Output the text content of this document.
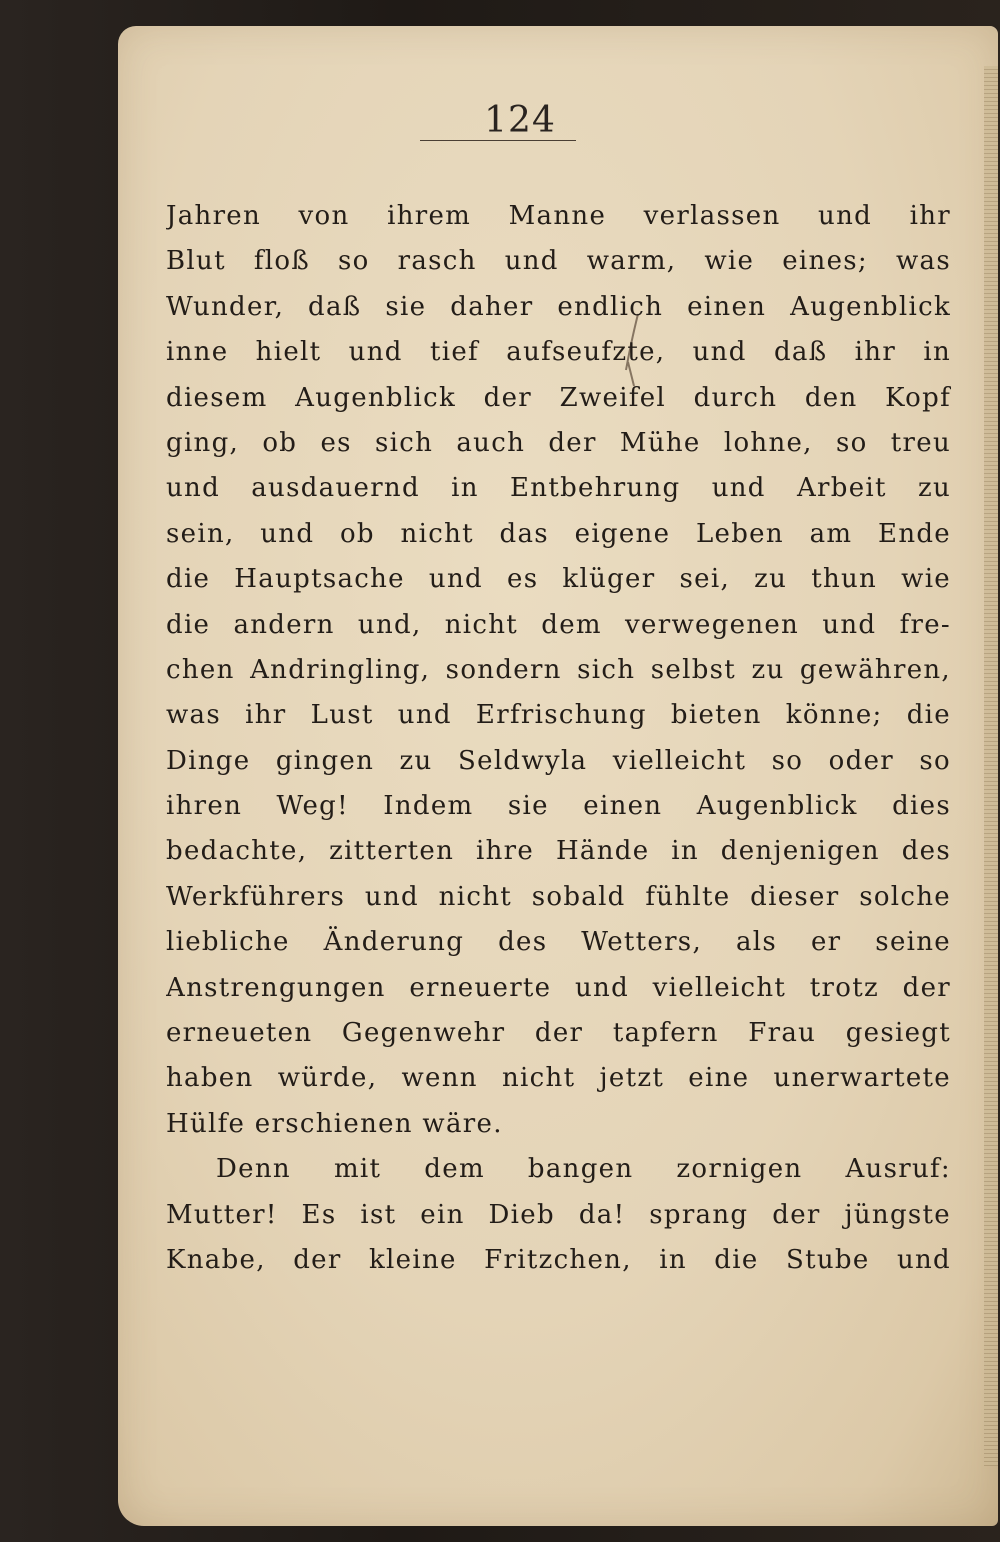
124
Jahren von ihrem Manne verlassen und ihr
Blut floß so rasch und warm, wie eines; was
Wunder, daß sie daher endlich einen Augenblick
inne hielt und tief aufseufzte, und daß ihr in
diesem Augenblick der Zweifel durch den Kopf
ging, ob es sich auch der Mühe lohne, so treu
und ausdauernd in Entbehrung und Arbeit zu
sein, und ob nicht das eigene Leben am Ende
die Hauptsache und es klüger sei, zu thun wie
die andern und, nicht dem verwegenen und fre-
chen Andringling, sondern sich selbst zu gewähren,
was ihr Lust und Erfrischung bieten könne; die
Dinge gingen zu Seldwyla vielleicht so oder so
ihren Weg! Indem sie einen Augenblick dies
bedachte, zitterten ihre Hände in denjenigen des
Werkführers und nicht sobald fühlte dieser solche
liebliche Änderung des Wetters, als er seine
Anstrengungen erneuerte und vielleicht trotz der
erneueten Gegenwehr der tapfern Frau gesiegt
haben würde, wenn nicht jetzt eine unerwartete
Hülfe erschienen wäre.
Denn mit dem bangen zornigen Ausruf:
Mutter! Es ist ein Dieb da! sprang der jüngste
Knabe, der kleine Fritzchen, in die Stube und
